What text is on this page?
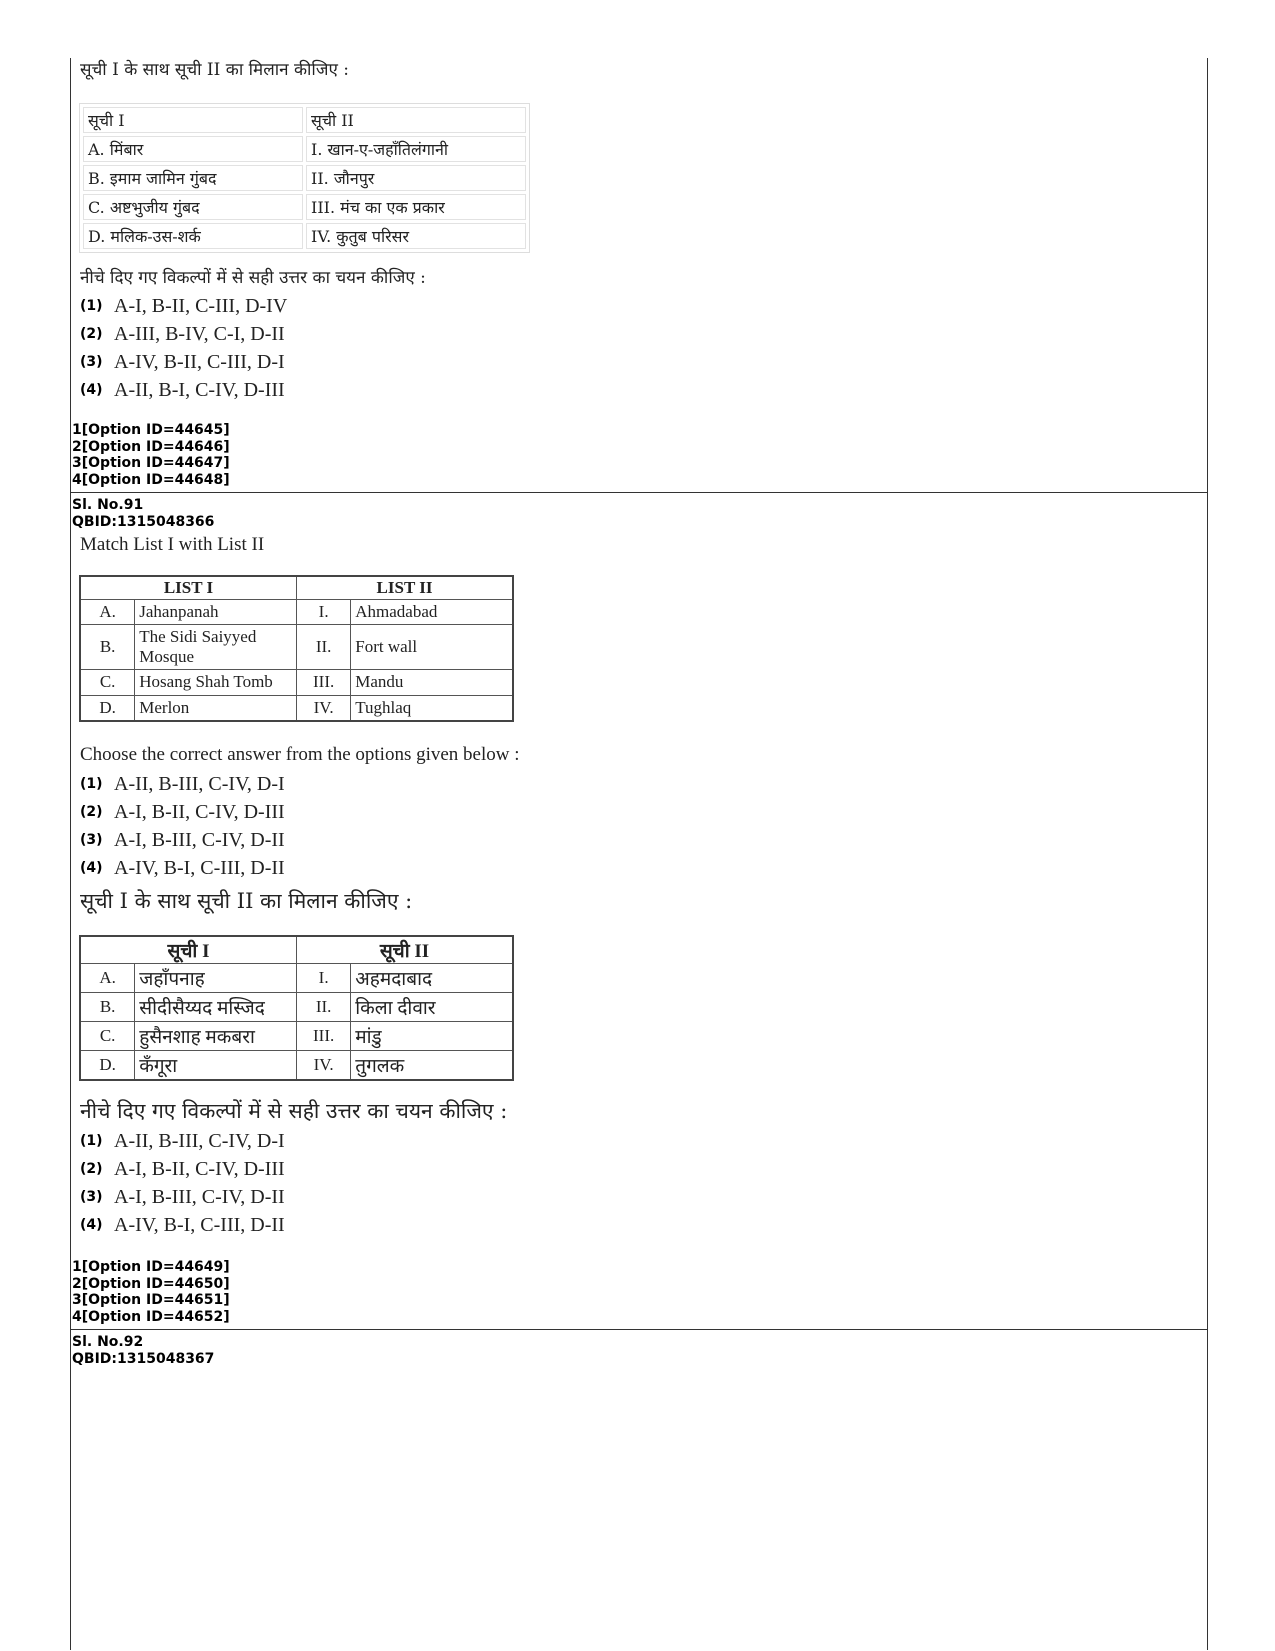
सूची I के साथ सूची II का मिलान कीजिए :
सूची I	सूची II
A. मिंबार	I. खान-ए-जहाँतिलंगानी
B. इमाम जामिन गुंबद	II. जौनपुर
C. अष्टभुजीय गुंबद	III. मंच का एक प्रकार
D. मलिक-उस-शर्क	IV. कुतुब परिसर
नीचे दिए गए विकल्पों में से सही उत्तर का चयन कीजिए :
(1) A-I, B-II, C-III, D-IV
(2) A-III, B-IV, C-I, D-II
(3) A-IV, B-II, C-III, D-I
(4) A-II, B-I, C-IV, D-III
1[Option ID=44645]
2[Option ID=44646]
3[Option ID=44647]
4[Option ID=44648]
Sl. No.91
QBID:1315048366
Match List I with List II
LIST I		LIST II	
A.	Jahanpanah	I.	Ahmadabad
B.	The Sidi Saiyyed Mosque	II.	Fort wall
C.	Hosang Shah Tomb	III.	Mandu
D.	Merlon	IV.	Tughlaq
Choose the correct answer from the options given below :
(1) A-II, B-III, C-IV, D-I
(2) A-I, B-II, C-IV, D-III
(3) A-I, B-III, C-IV, D-II
(4) A-IV, B-I, C-III, D-II
सूची I के साथ सूची II का मिलान कीजिए :
सूची I		सूची II	
A.	जहाँपनाह	I.	अहमदाबाद
B.	सीदीसैय्यद मस्जिद	II.	किला दीवार
C.	हुसैनशाह मकबरा	III.	मांडु
D.	कँगूरा	IV.	तुगलक
नीचे दिए गए विकल्पों में से सही उत्तर का चयन कीजिए :
(1) A-II, B-III, C-IV, D-I
(2) A-I, B-II, C-IV, D-III
(3) A-I, B-III, C-IV, D-II
(4) A-IV, B-I, C-III, D-II
1[Option ID=44649]
2[Option ID=44650]
3[Option ID=44651]
4[Option ID=44652]
Sl. No.92
QBID:1315048367
